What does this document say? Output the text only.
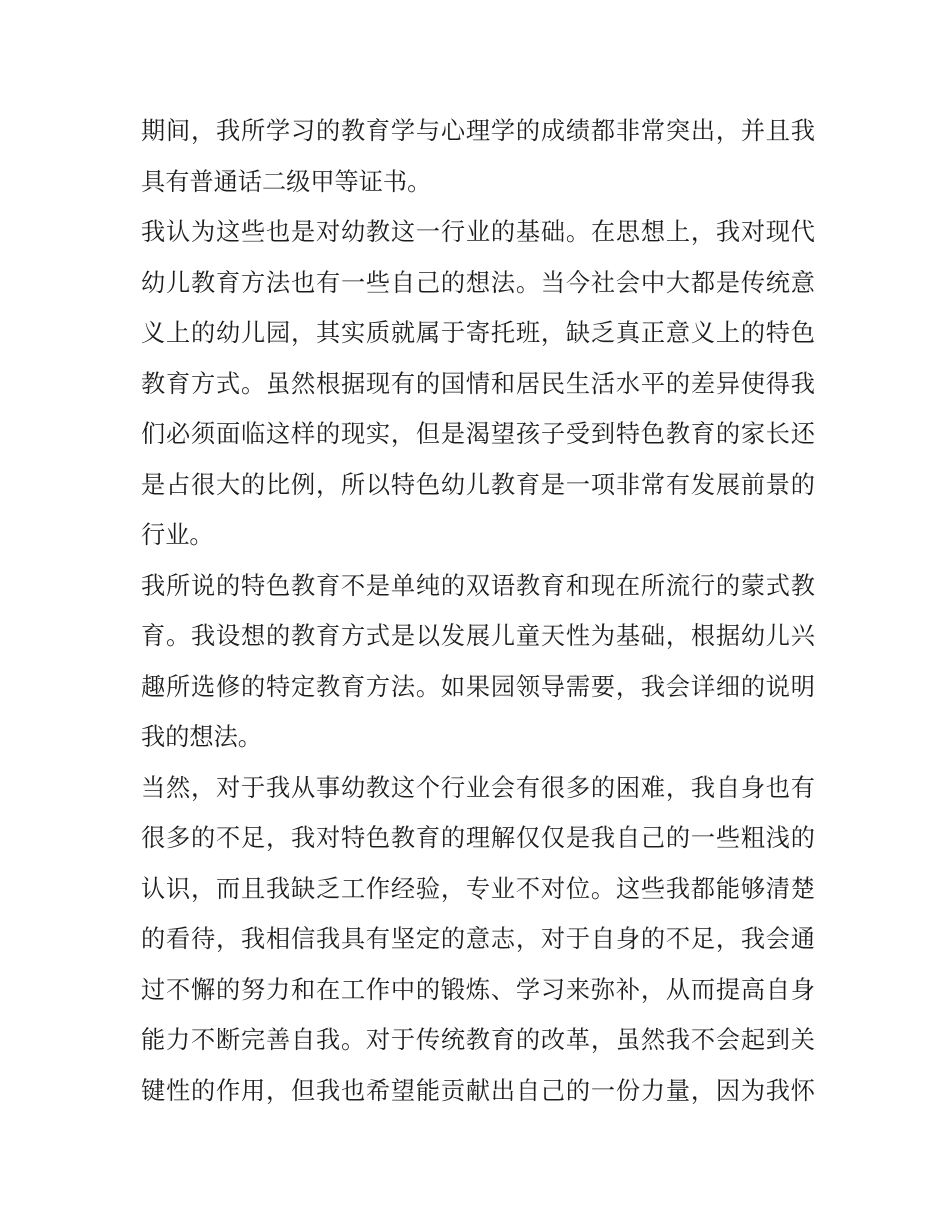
期间，我所学习的教育学与心理学的成绩都非常突出，并且我
具有普通话二级甲等证书。
我认为这些也是对幼教这一行业的基础。在思想上，我对现代
幼儿教育方法也有一些自己的想法。当今社会中大都是传统意
义上的幼儿园，其实质就属于寄托班，缺乏真正意义上的特色
教育方式。虽然根据现有的国情和居民生活水平的差异使得我
们必须面临这样的现实，但是渴望孩子受到特色教育的家长还
是占很大的比例，所以特色幼儿教育是一项非常有发展前景的
行业。
我所说的特色教育不是单纯的双语教育和现在所流行的蒙式教
育。我设想的教育方式是以发展儿童天性为基础，根据幼儿兴
趣所选修的特定教育方法。如果园领导需要，我会详细的说明
我的想法。
当然，对于我从事幼教这个行业会有很多的困难，我自身也有
很多的不足，我对特色教育的理解仅仅是我自己的一些粗浅的
认识，而且我缺乏工作经验，专业不对位。这些我都能够清楚
的看待，我相信我具有坚定的意志，对于自身的不足，我会通
过不懈的努力和在工作中的锻炼、学习来弥补，从而提高自身
能力不断完善自我。对于传统教育的改革，虽然我不会起到关
键性的作用，但我也希望能贡献出自己的一份力量，因为我怀
